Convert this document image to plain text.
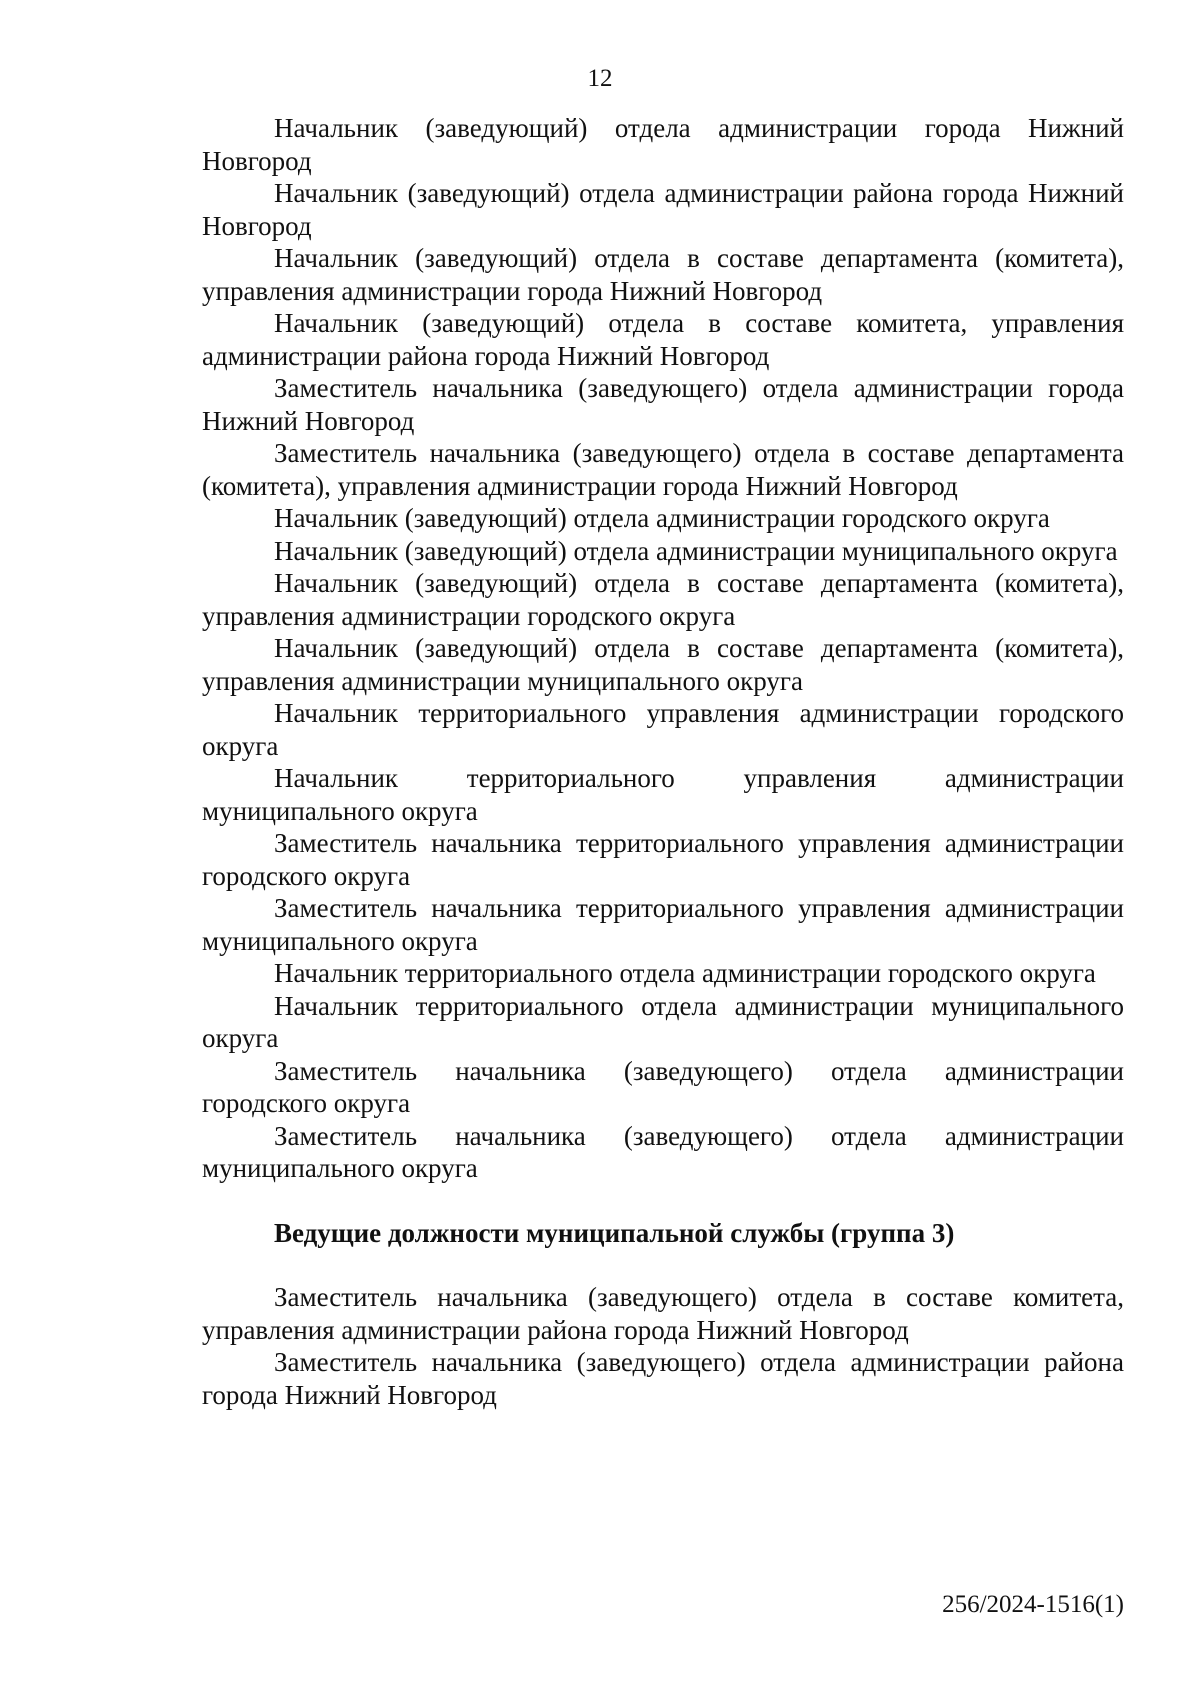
12

Начальник (заведующий) отдела администрации города Нижний Новгород

Начальник (заведующий) отдела администрации района города Нижний Новгород

Начальник (заведующий) отдела в составе департамента (комитета), управления администрации города Нижний Новгород

Начальник (заведующий) отдела в составе комитета, управления администрации района города Нижний Новгород

Заместитель начальника (заведующего) отдела администрации города Нижний Новгород

Заместитель начальника (заведующего) отдела в составе департамента (комитета), управления администрации города Нижний Новгород

Начальник (заведующий) отдела администрации городского округа

Начальник (заведующий) отдела администрации муниципального округа

Начальник (заведующий) отдела в составе департамента (комитета), управления администрации городского округа

Начальник (заведующий) отдела в составе департамента (комитета), управления администрации муниципального округа

Начальник территориального управления администрации городского округа

Начальник территориального управления администрации муниципального округа

Заместитель начальника территориального управления администрации городского округа

Заместитель начальника территориального управления администрации муниципального округа

Начальник территориального отдела администрации городского округа

Начальник территориального отдела администрации муниципального округа

Заместитель начальника (заведующего) отдела администрации городского округа

Заместитель начальника (заведующего) отдела администрации муниципального округа

Ведущие должности муниципальной службы (группа 3)

Заместитель начальника (заведующего) отдела в составе комитета, управления администрации района города Нижний Новгород

Заместитель начальника (заведующего) отдела администрации района города Нижний Новгород

256/2024-1516(1)
